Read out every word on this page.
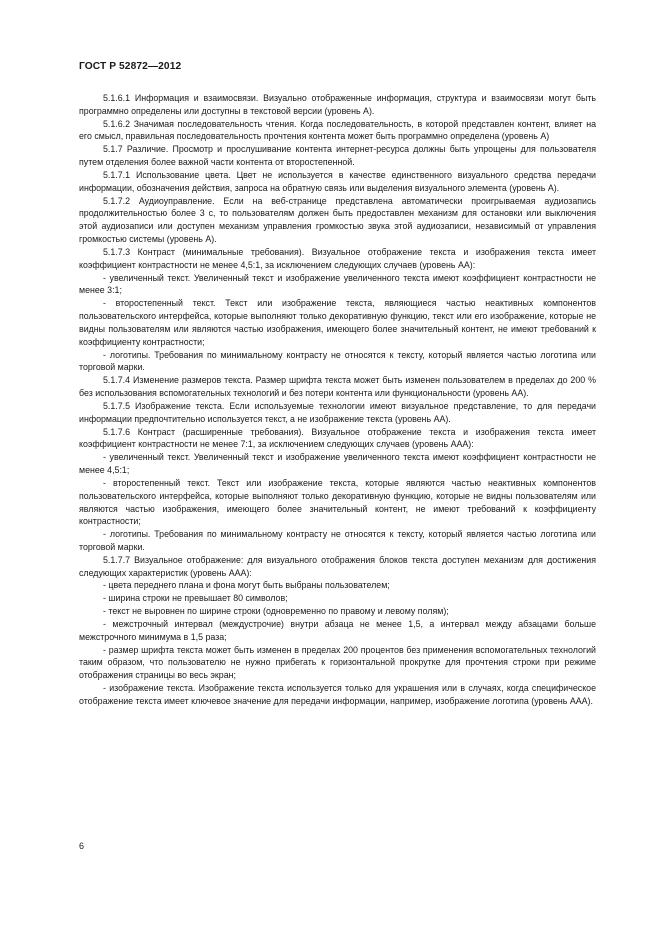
ГОСТ Р 52872—2012

5.1.6.1 Информация и взаимосвязи. Визуально отображенные информация, структура и взаимосвязи могут быть программно определены или доступны в текстовой версии (уровень А).

5.1.6.2 Значимая последовательность чтения. Когда последовательность, в которой представлен контент, влияет на его смысл, правильная последовательность прочтения контента может быть программно определена (уровень А)

5.1.7 Различие. Просмотр и прослушивание контента интернет-ресурса должны быть упрощены для пользователя путем отделения более важной части контента от второстепенной.

5.1.7.1 Использование цвета. Цвет не используется в качестве единственного визуального средства передачи информации, обозначения действия, запроса на обратную связь или выделения визуального элемента (уровень А).

5.1.7.2 Аудиоуправление. Если на веб-странице представлена автоматически проигрываемая аудиозапись продолжительностью более 3 с, то пользователям должен быть предоставлен механизм для остановки или выключения этой аудиозаписи или доступен механизм управления громкостью звука этой аудиозаписи, независимый от управления громкостью системы (уровень А).

5.1.7.3 Контраст (минимальные требования). Визуальное отображение текста и изображения текста имеет коэффициент контрастности не менее 4,5:1, за исключением следующих случаев (уровень АА):

- увеличенный текст. Увеличенный текст и изображение увеличенного текста имеют коэффициент контрастности не менее 3:1;

- второстепенный текст. Текст или изображение текста, являющиеся частью неактивных компонентов пользовательского интерфейса, которые выполняют только декоративную функцию, текст или его изображение, которые не видны пользователям или являются частью изображения, имеющего более значительный контент, не имеют требований к коэффициенту контрастности;

- логотипы. Требования по минимальному контрасту не относятся к тексту, который является частью логотипа или торговой марки.

5.1.7.4 Изменение размеров текста. Размер шрифта текста может быть изменен пользователем в пределах до 200 % без использования вспомогательных технологий и без потери контента или функциональности (уровень АА).

5.1.7.5 Изображение текста. Если используемые технологии имеют визуальное представление, то для передачи информации предпочтительно используется текст, а не изображение текста (уровень АА).

5.1.7.6 Контраст (расширенные требования). Визуальное отображение текста и изображения текста имеет коэффициент контрастности не менее 7:1, за исключением следующих случаев (уровень ААА):

- увеличенный текст. Увеличенный текст и изображение увеличенного текста имеют коэффициент контрастности не менее 4,5:1;

- второстепенный текст. Текст или изображение текста, которые являются частью неактивных компонентов пользовательского интерфейса, которые выполняют только декоративную функцию, которые не видны пользователям или являются частью изображения, имеющего более значительный контент, не имеют требований к коэффициенту контрастности;

- логотипы. Требования по минимальному контрасту не относятся к тексту, который является частью логотипа или торговой марки.

5.1.7.7 Визуальное отображение: для визуального отображения блоков текста доступен механизм для достижения следующих характеристик (уровень ААА):

- цвета переднего плана и фона могут быть выбраны пользователем;

- ширина строки не превышает 80 символов;

- текст не выровнен по ширине строки (одновременно по правому и левому полям);

- межстрочный интервал (междустрочие) внутри абзаца не менее 1,5, а интервал между абзацами больше межстрочного минимума в 1,5 раза;

- размер шрифта текста может быть изменен в пределах 200 процентов без применения вспомогательных технологий таким образом, что пользователю не нужно прибегать к горизонтальной прокрутке для прочтения строки при режиме отображения страницы во весь экран;

- изображение текста. Изображение текста используется только для украшения или в случаях, когда специфическое отображение текста имеет ключевое значение для передачи информации, например, изображение логотипа (уровень ААА).

6
